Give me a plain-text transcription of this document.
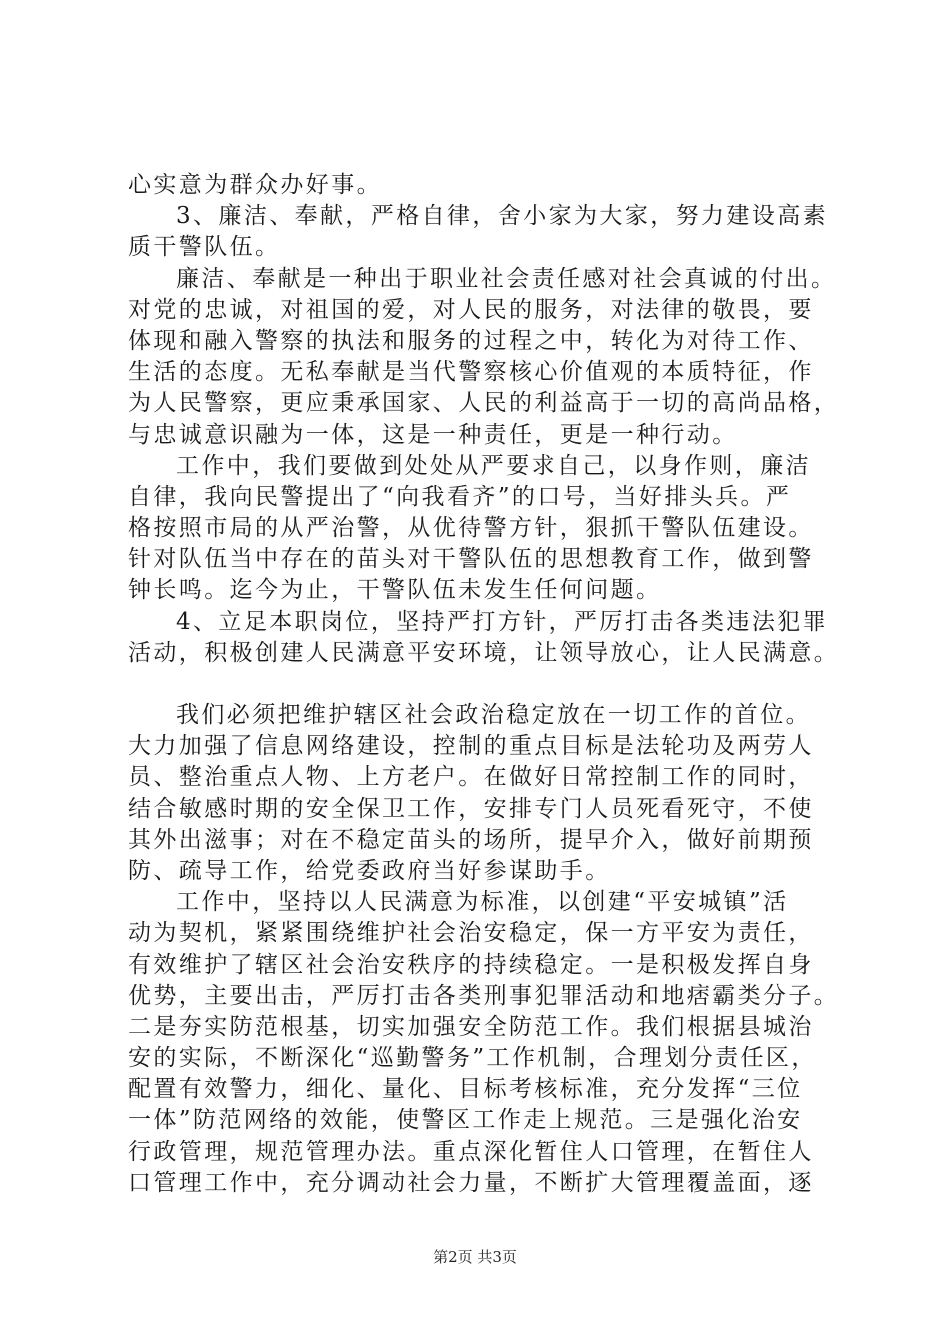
心实意为群众办好事。
3、廉洁、奉献，严格自律，舍小家为大家，努力建设高素
质干警队伍。
廉洁、奉献是一种出于职业社会责任感对社会真诚的付出。
对党的忠诚，对祖国的爱，对人民的服务，对法律的敬畏，要
体现和融入警察的执法和服务的过程之中，转化为对待工作、
生活的态度。无私奉献是当代警察核心价值观的本质特征，作
为人民警察，更应秉承国家、人民的利益高于一切的高尚品格，
与忠诚意识融为一体，这是一种责任，更是一种行动。
工作中，我们要做到处处从严要求自己，以身作则，廉洁
自律，我向民警提出了“向我看齐”的口号，当好排头兵。严
格按照市局的从严治警，从优待警方针，狠抓干警队伍建设。
针对队伍当中存在的苗头对干警队伍的思想教育工作，做到警
钟长鸣。迄今为止，干警队伍未发生任何问题。
4、立足本职岗位，坚持严打方针，严厉打击各类违法犯罪
活动，积极创建人民满意平安环境，让领导放心，让人民满意。
我们必须把维护辖区社会政治稳定放在一切工作的首位。
大力加强了信息网络建设，控制的重点目标是法轮功及两劳人
员、整治重点人物、上方老户。在做好日常控制工作的同时，
结合敏感时期的安全保卫工作，安排专门人员死看死守，不使
其外出滋事；对在不稳定苗头的场所，提早介入，做好前期预
防、疏导工作，给党委政府当好参谋助手。
工作中，坚持以人民满意为标准，以创建“平安城镇”活
动为契机，紧紧围绕维护社会治安稳定，保一方平安为责任，
有效维护了辖区社会治安秩序的持续稳定。一是积极发挥自身
优势，主要出击，严厉打击各类刑事犯罪活动和地痞霸类分子。
二是夯实防范根基，切实加强安全防范工作。我们根据县城治
安的实际，不断深化“巡勤警务”工作机制，合理划分责任区，
配置有效警力，细化、量化、目标考核标准，充分发挥“三位
一体”防范网络的效能，使警区工作走上规范。三是强化治安
行政管理，规范管理办法。重点深化暂住人口管理，在暂住人
口管理工作中，充分调动社会力量，不断扩大管理覆盖面，逐
第2页 共3页
